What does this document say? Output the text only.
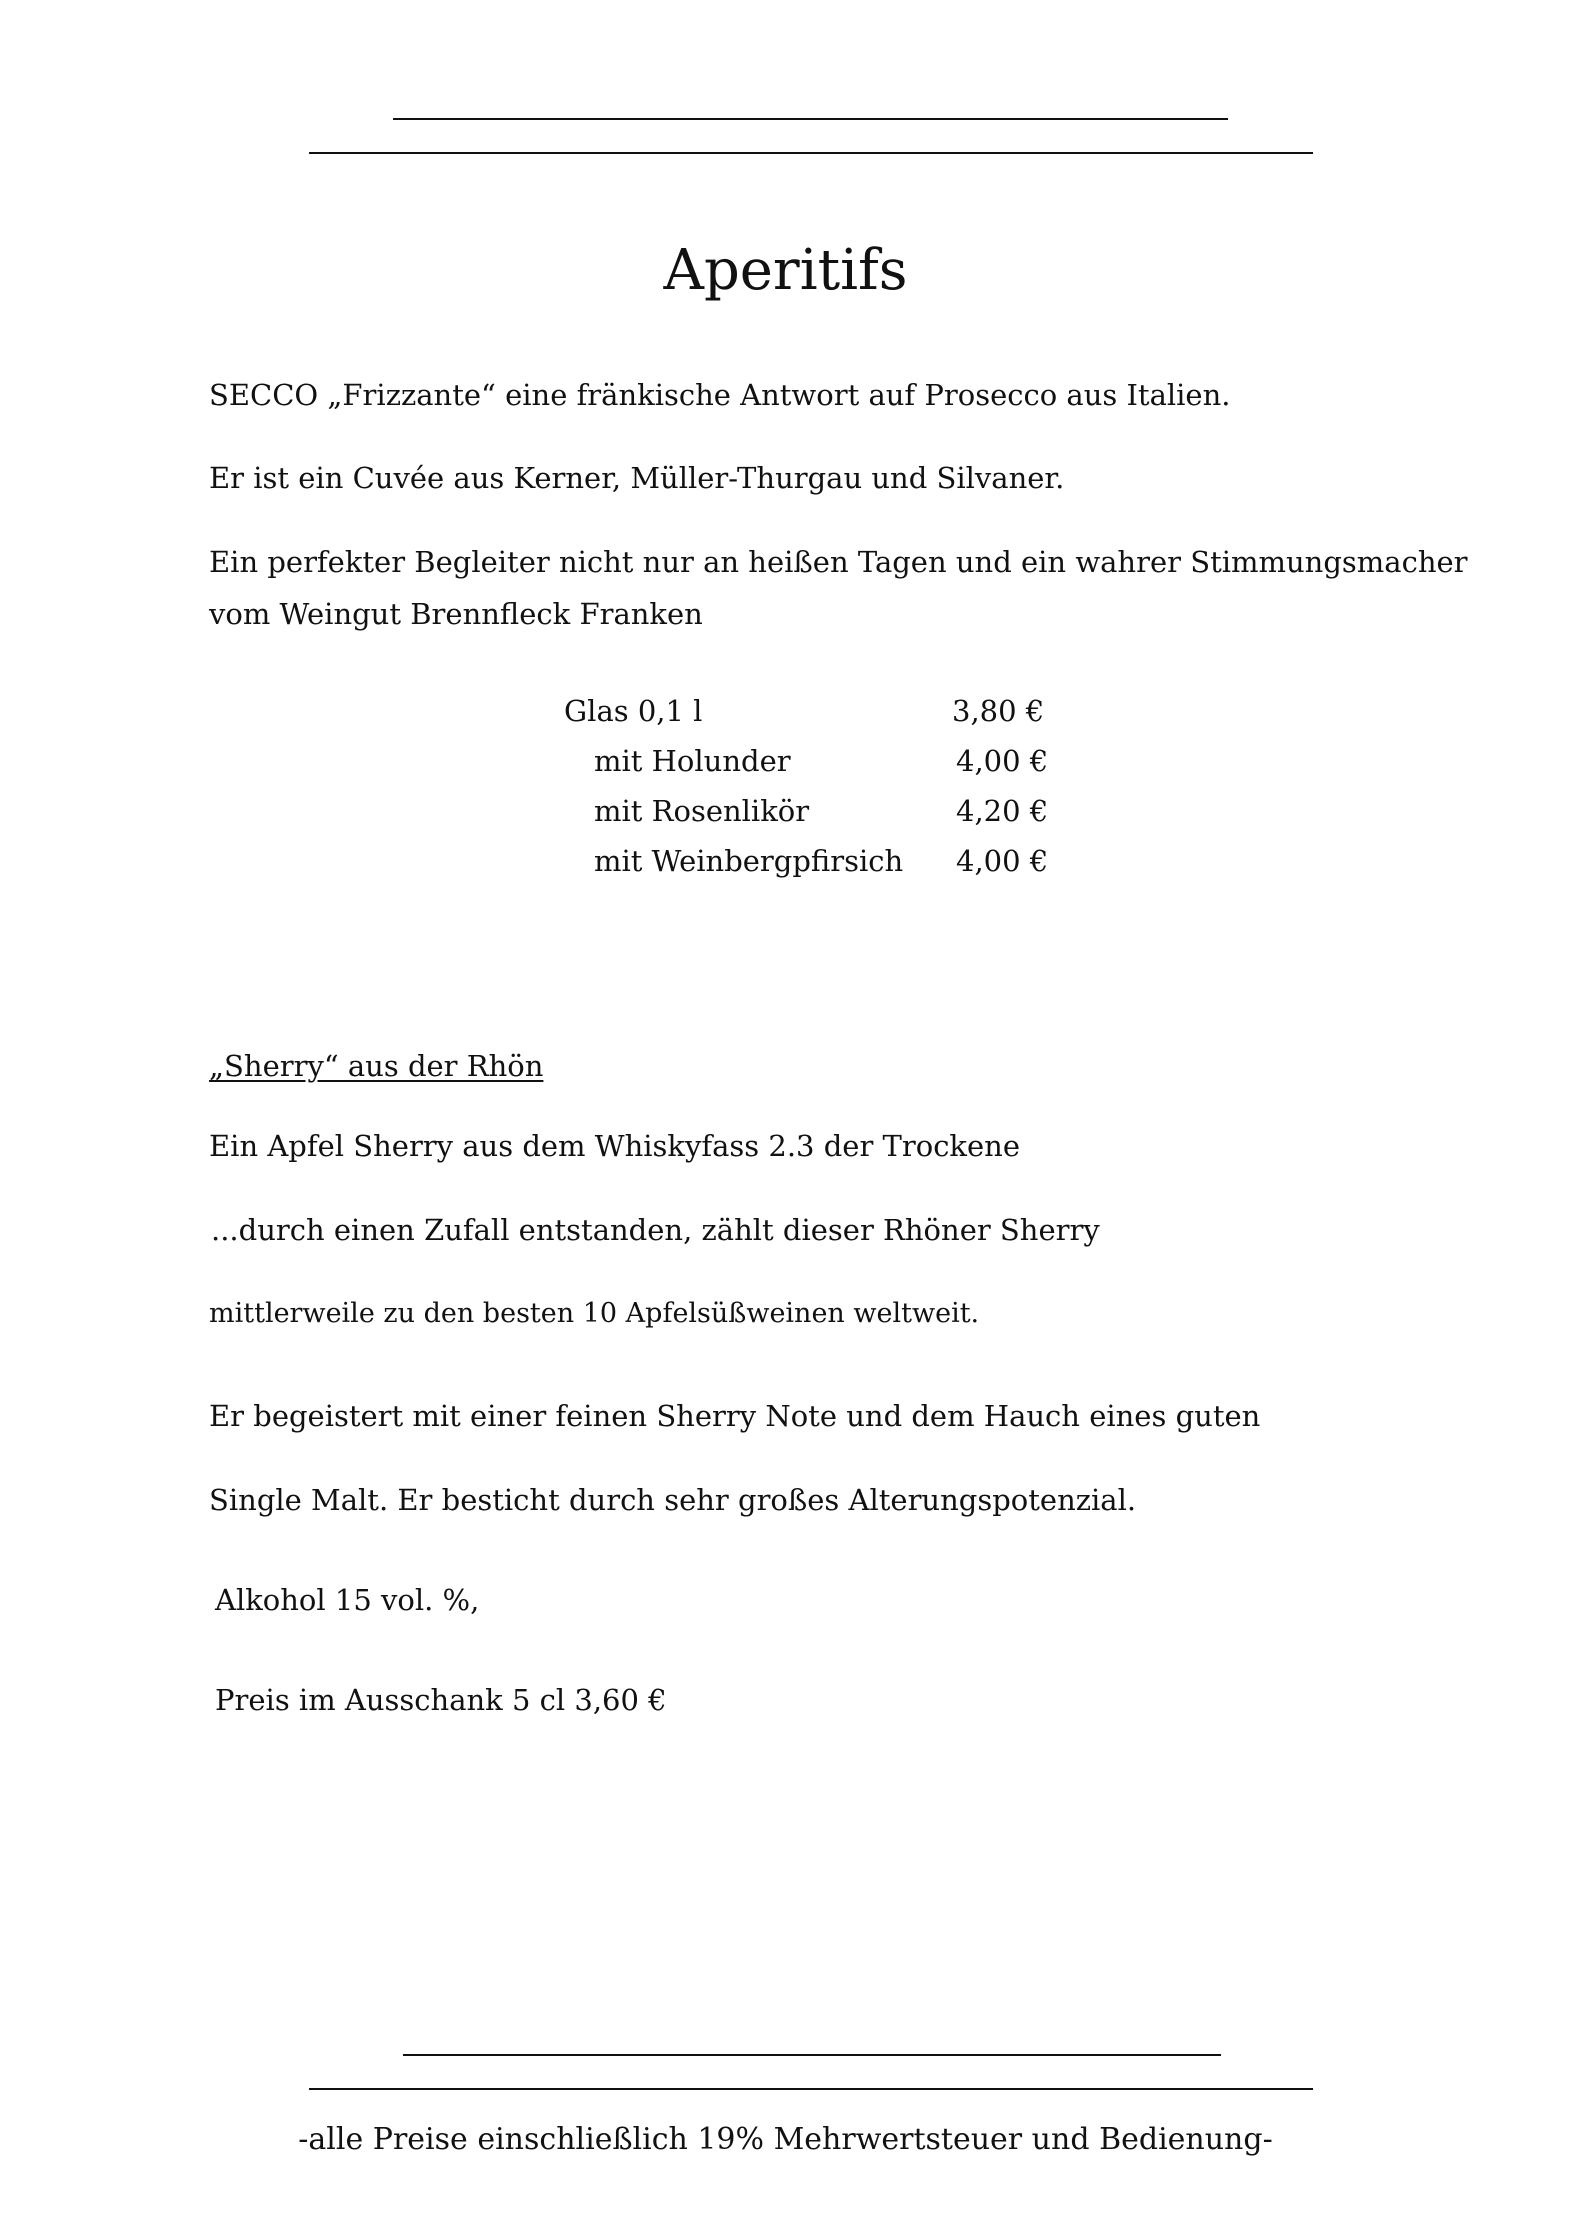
Aperitifs
SECCO „Frizzante“ eine fränkische Antwort auf Prosecco aus Italien.
Er ist ein Cuvée aus Kerner, Müller-Thurgau und Silvaner.
Ein perfekter Begleiter nicht nur an heißen Tagen und ein wahrer Stimmungsmacher
vom Weingut Brennfleck Franken
Glas 0,1 l	3,80 €
mit Holunder	4,00 €
mit Rosenlikör	4,20 €
mit Weinbergpfirsich 4,00 €
„Sherry“ aus der Rhön
Ein Apfel Sherry aus dem Whiskyfass 2.3 der Trockene
...durch einen Zufall entstanden, zählt dieser Rhöner Sherry
mittlerweile zu den besten 10 Apfelsüßweinen weltweit.
Er begeistert mit einer feinen Sherry Note und dem Hauch eines guten
Single Malt. Er besticht durch sehr großes Alterungspotenzial.
Alkohol 15 vol. %,
Preis im Ausschank 5 cl 3,60 €
-alle Preise einschließlich 19% Mehrwertsteuer und Bedienung-
